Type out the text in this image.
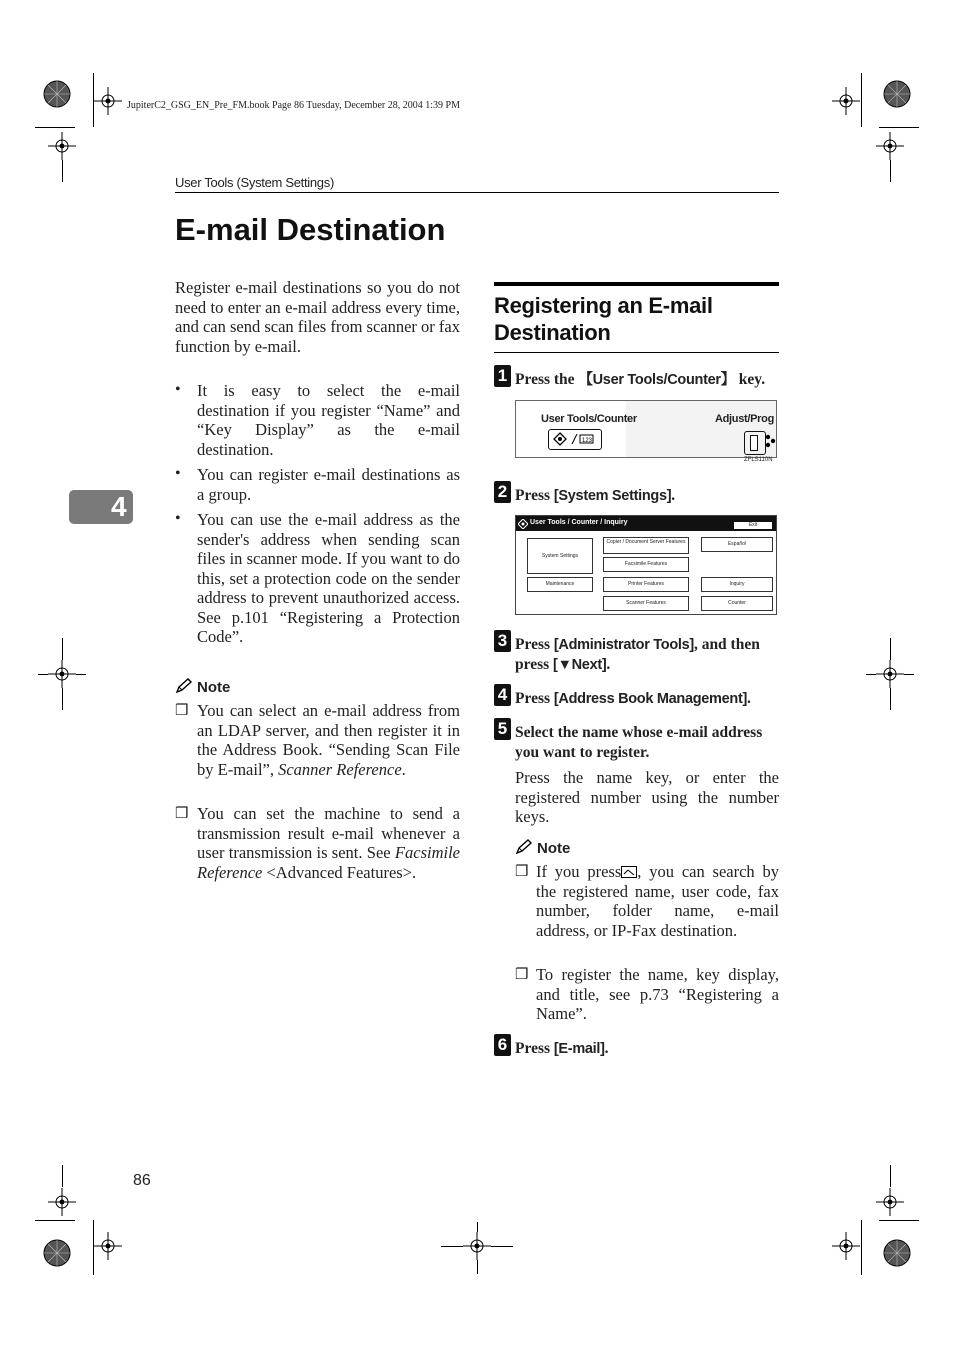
JupiterC2_GSG_EN_Pre_FM.book Page 86 Tuesday, December 28, 2004 1:39 PM
User Tools (System Settings)
E-mail Destination
4
Register e-mail destinations so you do not need to enter an e-mail address every time, and can send scan files from scanner or fax function by e-mail.
• It is easy to select the e-mail destination if you register “Name” and “Key Display” as the e-mail destination.
• You can register e-mail destinations as a group.
• You can use the e-mail address as the sender's address when sending scan files in scanner mode. If you want to do this, set a protection code on the sender address to prevent unauthorized access. See p.101 “Registering a Protection Code”.
Note
❒ You can select an e-mail address from an LDAP server, and then register it in the Address Book. “Sending Scan File by E-mail”, Scanner Reference.
❒ You can set the machine to send a transmission result e-mail whenever a user transmission is sent. See Facsimile Reference <Advanced Features>.
Registering an E-mail Destination
1 Press the 【User Tools/Counter】 key.
User Tools/Counter
123
Adjust/Prog
ZFLS110N
2 Press [System Settings].
User Tools / Counter / Inquiry	Exit
System Settings
Copier / Document Server Features
Facsimile Features
Printer Features
Scanner Features
Español
Inquiry
Counter
Maintenance
3 Press [Administrator Tools], and then press [▼Next].
4 Press [Address Book Management].
5 Select the name whose e-mail address you want to register.
Press the name key, or enter the registered number using the number keys.
Note
❒ If you press , you can search by the registered name, user code, fax number, folder name, e-mail address, or IP-Fax destination.
❒ To register the name, key display, and title, see p.73 “Registering a Name”.
6 Press [E-mail].
86
